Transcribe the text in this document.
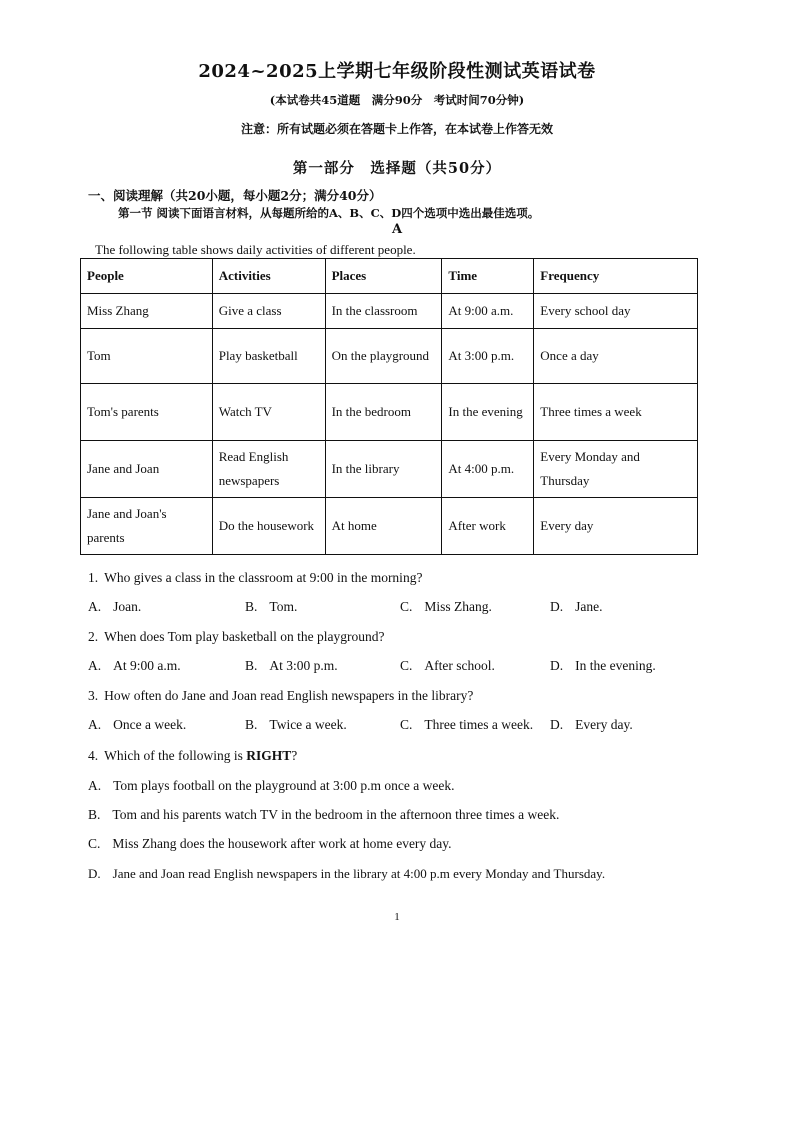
2024~2025上学期七年级阶段性测试英语试卷
(本试卷共45道题　满分90分　考试时间70分钟)
注意：所有试题必须在答题卡上作答，在本试卷上作答无效
第一部分　选择题（共50分）
一、阅读理解（共20小题，每小题2分；满分40分）
第一节 阅读下面语言材料，从每题所给的A、B、C、D四个选项中选出最佳选项。
A
The following table shows daily activities of different people.
People	Activities	Places	Time	Frequency
Miss Zhang	Give a class	In the classroom	At 9:00 a.m.	Every school day
Tom	Play basketball	On the playground	At 3:00 p.m.	Once a day
Tom's parents	Watch TV	In the bedroom	In the evening	Three times a week
Jane and Joan	Read English newspapers	In the library	At 4:00 p.m.	Every Monday and Thursday
Jane and Joan's parents	Do the housework	At home	After work	Every day
1. Who gives a class in the classroom at 9:00 in the morning?
A. Joan.	B. Tom.	C. Miss Zhang.	D. Jane.
2. When does Tom play basketball on the playground?
A. At 9:00 a.m.	B. At 3:00 p.m.	C. After school.	D. In the evening.
3. How often do Jane and Joan read English newspapers in the library?
A. Once a week.	B. Twice a week.	C. Three times a week. D. Every day.
4. Which of the following is RIGHT?
A. Tom plays football on the playground at 3:00 p.m once a week.
B. Tom and his parents watch TV in the bedroom in the afternoon three times a week.
C. Miss Zhang does the housework after work at home every day.
D. Jane and Joan read English newspapers in the library at 4:00 p.m every Monday and Thursday.
1
